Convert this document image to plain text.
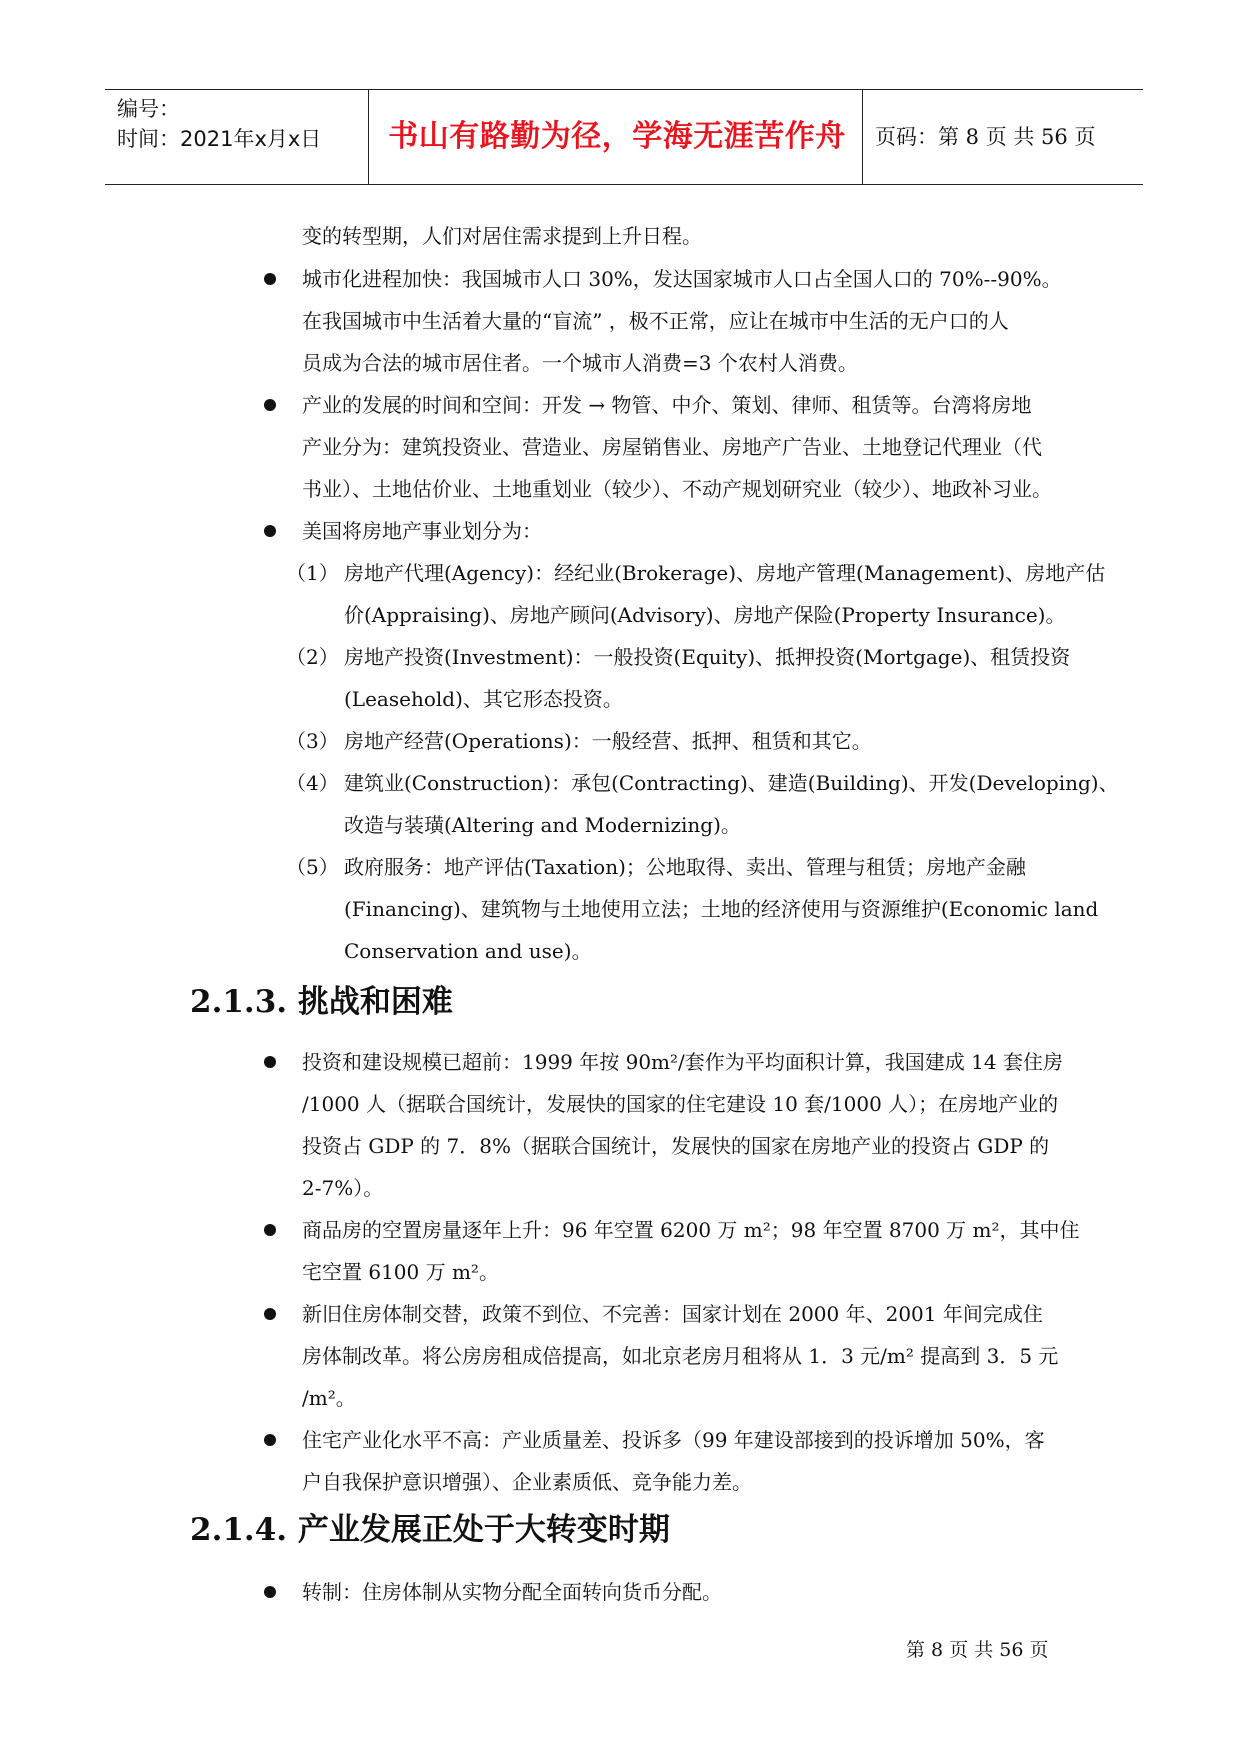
编号：
时间：2021年x月x日	书山有路勤为径，学海无涯苦作舟	页码：第 8 页 共 56 页
变的转型期，人们对居住需求提到上升日程。
城市化进程加快：我国城市人口 30%，发达国家城市人口占全国人口的 70%--90%。
在我国城市中生活着大量的“盲流” ，极不正常，应让在城市中生活的无户口的人
员成为合法的城市居住者。一个城市人消费=3 个农村人消费。
产业的发展的时间和空间：开发 → 物管、中介、策划、律师、租赁等。台湾将房地
产业分为：建筑投资业、营造业、房屋销售业、房地产广告业、土地登记代理业（代
书业）、土地估价业、土地重划业（较少）、不动产规划研究业（较少）、地政补习业。
美国将房地产事业划分为：
（1） 房地产代理(Agency)：经纪业(Brokerage)、房地产管理(Management)、房地产估
价(Appraising)、房地产顾问(Advisory)、房地产保险(Property Insurance)。
（2） 房地产投资(Investment)：一般投资(Equity)、抵押投资(Mortgage)、租赁投资
(Leasehold)、其它形态投资。
（3） 房地产经营(Operations)：一般经营、抵押、租赁和其它。
（4） 建筑业(Construction)：承包(Contracting)、建造(Building)、开发(Developing)、
改造与装璜(Altering and Modernizing)。
（5） 政府服务：地产评估(Taxation)；公地取得、卖出、管理与租赁；房地产金融
(Financing)、建筑物与土地使用立法；土地的经济使用与资源维护(Economic land
Conservation and use)。
2.1.3. 挑战和困难
投资和建设规模已超前：1999 年按 90m²/套作为平均面积计算，我国建成 14 套住房
/1000 人（据联合国统计，发展快的国家的住宅建设 10 套/1000 人）；在房地产业的
投资占 GDP 的 7．8%（据联合国统计，发展快的国家在房地产业的投资占 GDP 的
2-7%）。
商品房的空置房量逐年上升：96 年空置 6200 万 m²；98 年空置 8700 万 m²，其中住
宅空置 6100 万 m²。
新旧住房体制交替，政策不到位、不完善：国家计划在 2000 年、2001 年间完成住
房体制改革。将公房房租成倍提高，如北京老房月租将从 1．3 元/m² 提高到 3．5 元
/m²。
住宅产业化水平不高：产业质量差、投诉多（99 年建设部接到的投诉增加 50%，客
户自我保护意识增强）、企业素质低、竞争能力差。
2.1.4. 产业发展正处于大转变时期
转制：住房体制从实物分配全面转向货币分配。
第 8 页 共 56 页
